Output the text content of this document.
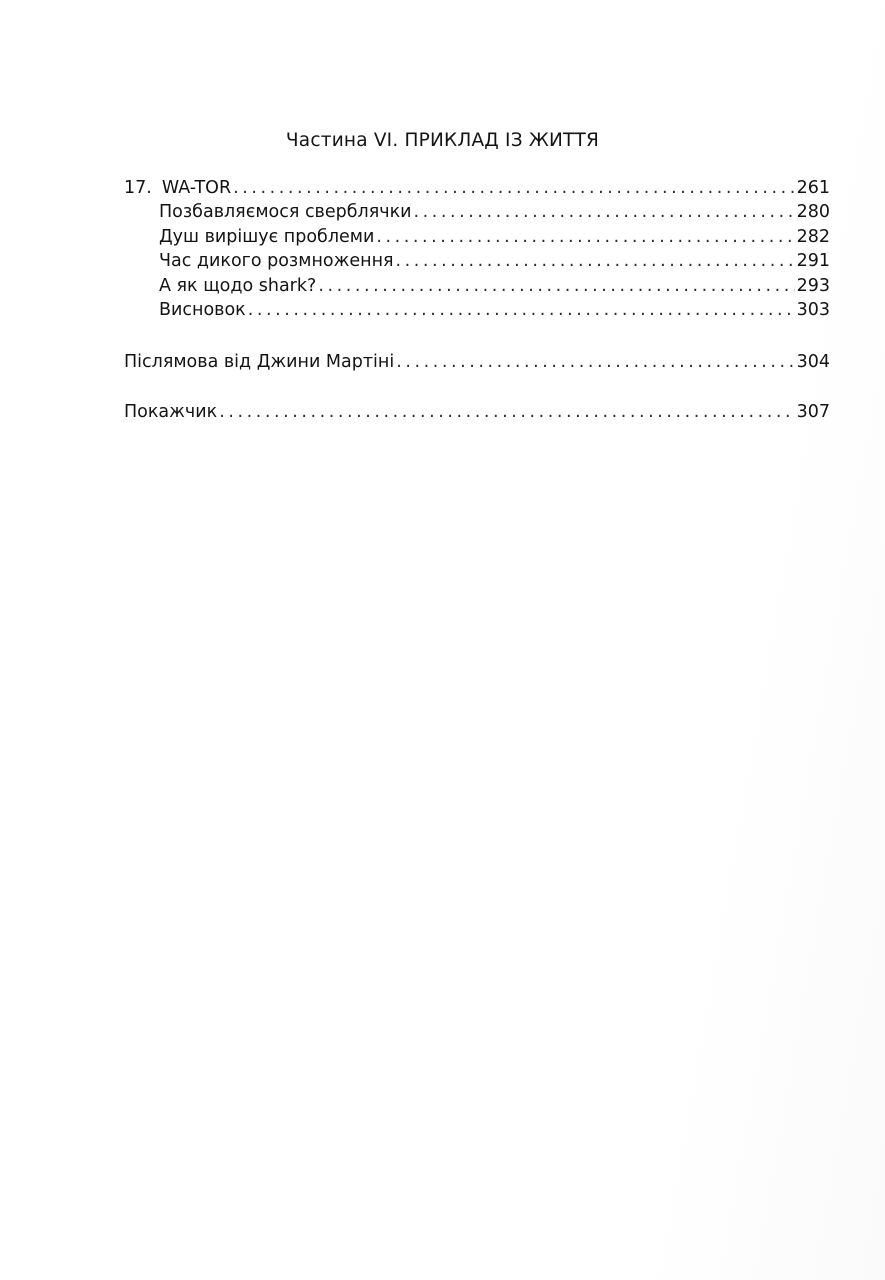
Частина VI. ПРИКЛАД ІЗ ЖИТТЯ
17. WA-TOR . . .	261
Позбавляємося сверблячки . . .	280
Душ вирішує проблеми . . .	282
Час дикого розмноження . . .	291
А як щодо shark? . . .	293
Висновок . . .	303
Післямова від Джини Мартіні . . .	304
Покажчик . . .	307
